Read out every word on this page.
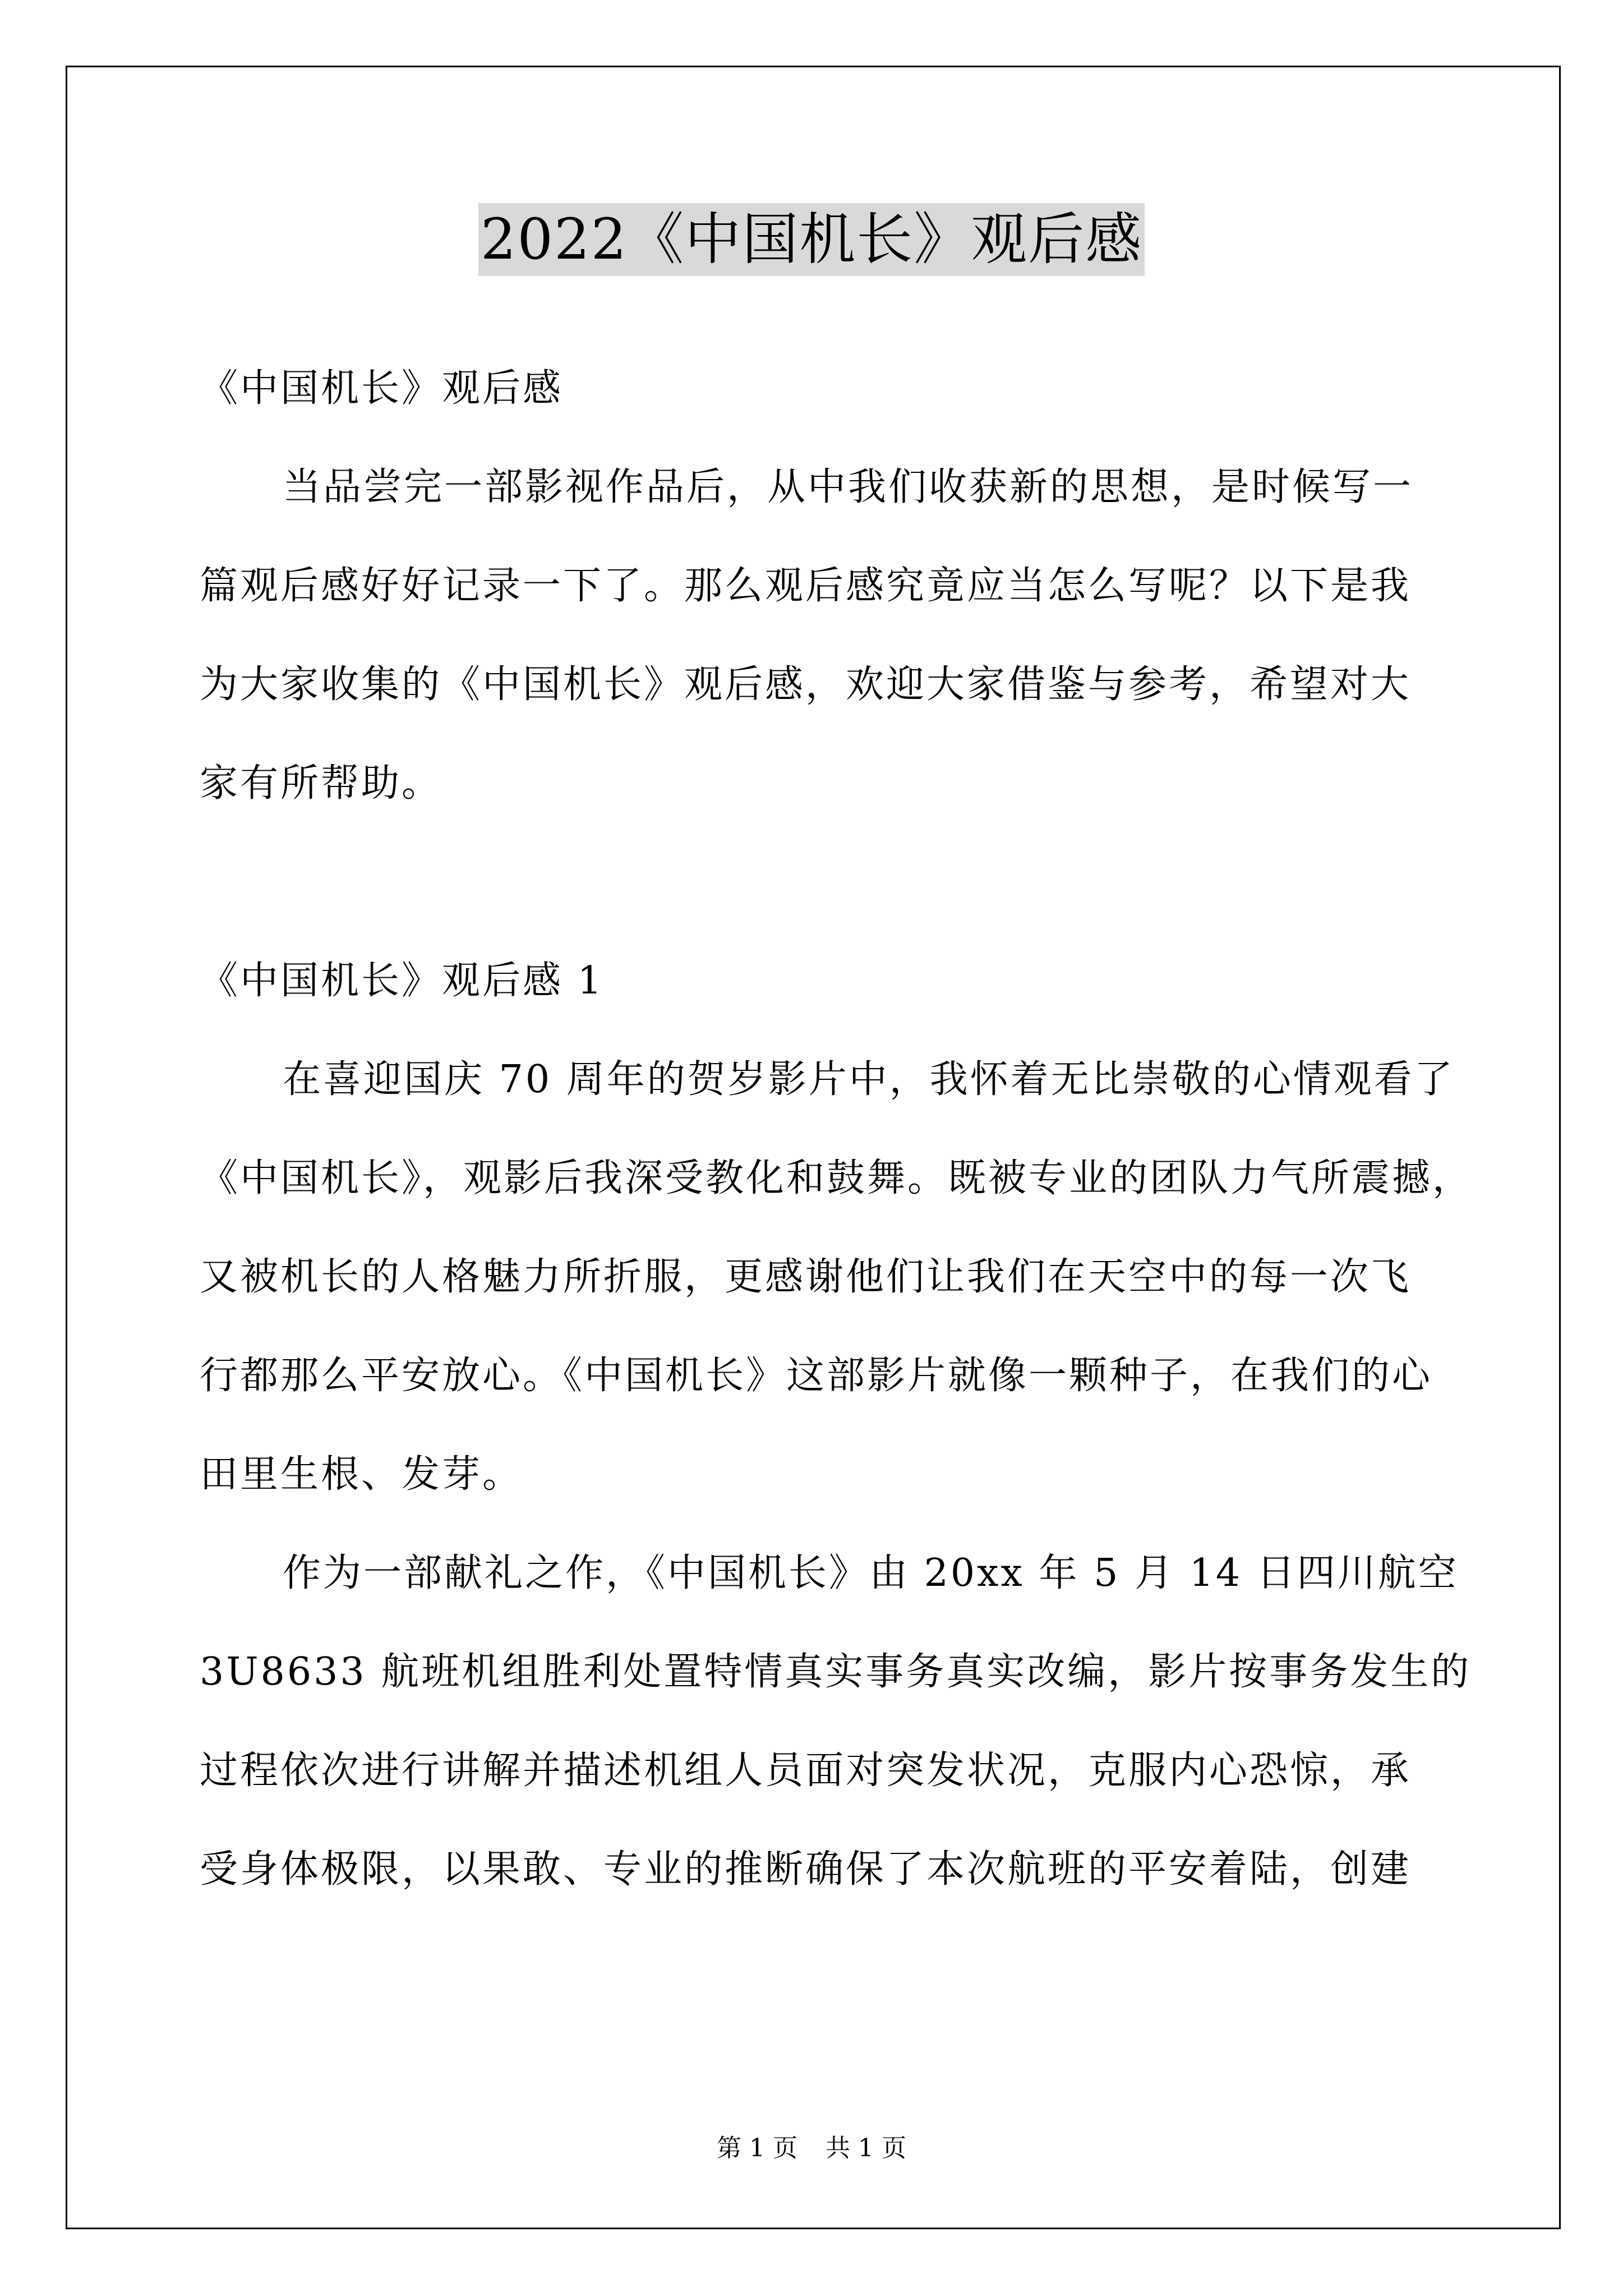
2022《中国机长》观后感
《中国机长》观后感
当品尝完一部影视作品后，从中我们收获新的思想，是时候写一
篇观后感好好记录一下了。那么观后感究竟应当怎么写呢？以下是我
为大家收集的《中国机长》观后感，欢迎大家借鉴与参考，希望对大
家有所帮助。
《中国机长》观后感 1
在喜迎国庆 70 周年的贺岁影片中，我怀着无比崇敬的心情观看了
《中国机长》，观影后我深受教化和鼓舞。既被专业的团队力气所震撼，
又被机长的人格魅力所折服，更感谢他们让我们在天空中的每一次飞
行都那么平安放心。《中国机长》这部影片就像一颗种子，在我们的心
田里生根、发芽。
作为一部献礼之作，《中国机长》由 20xx 年 5 月 14 日四川航空
3U8633 航班机组胜利处置特情真实事务真实改编，影片按事务发生的
过程依次进行讲解并描述机组人员面对突发状况，克服内心恐惊，承
受身体极限，以果敢、专业的推断确保了本次航班的平安着陆，创建
第 1 页 共 1 页
